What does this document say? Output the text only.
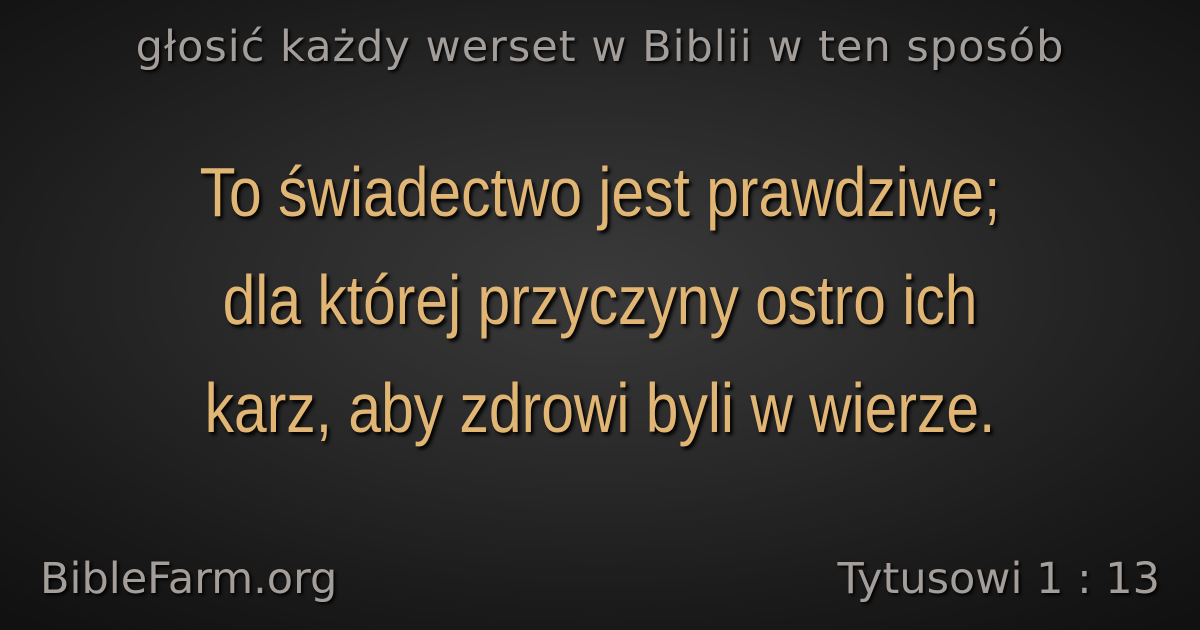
głosić każdy werset w Biblii w ten sposób
To świadectwo jest prawdziwe;
dla której przyczyny ostro ich
karz, aby zdrowi byli w wierze.
BibleFarm.org	Tytusowi 1 : 13
